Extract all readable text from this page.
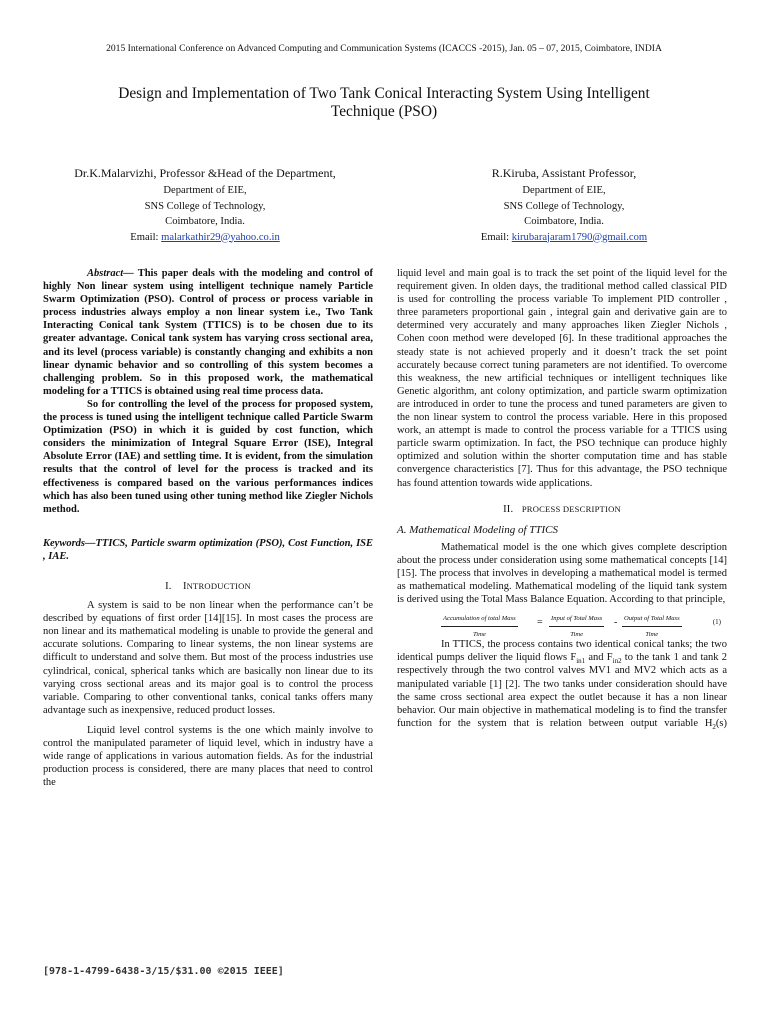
2015 International Conference on Advanced Computing and Communication Systems (ICACCS -2015), Jan. 05 – 07, 2015, Coimbatore, INDIA
Design and Implementation of Two Tank Conical Interacting System Using Intelligent
Technique (PSO)
Dr.K.Malarvizhi, Professor &Head of the Department,
Department of EIE,
SNS College of Technology,
Coimbatore, India.
Email: malarkathir29@yahoo.co.in
R.Kiruba, Assistant Professor,
Department of EIE,
SNS College of Technology,
Coimbatore, India.
Email: kirubarajaram1790@gmail.com

Abstract— This paper deals with the modeling and control of highly Non linear system using intelligent technique namely Particle Swarm Optimization (PSO). Control of process or process variable in process industries always employ a non linear system i.e., Two Tank Interacting Conical tank System (TTICS) is to be chosen due to its greater advantage. Conical tank system has varying cross sectional area, and its level (process variable) is constantly changing and exhibits a non linear dynamic behavior and so controlling of this system becomes a challenging problem. So in this proposed work, the mathematical modeling for a TTICS is obtained using real time process data.

So for controlling the level of the process for proposed system, the process is tuned using the intelligent technique called Particle Swarm Optimization (PSO) in which it is guided by cost function, which considers the minimization of Integral Square Error (ISE), Integral Absolute Error (IAE) and settling time. It is evident, from the simulation results that the control of level for the process is tracked and its effectiveness is compared based on the various performances indices which has also been tuned using other tuning method like Ziegler Nichols method.

Keywords—TTICS, Particle swarm optimization (PSO), Cost Function, ISE , IAE.

I. INTRODUCTION

A system is said to be non linear when the performance can’t be described by equations of first order [14][15]. In most cases the process are non linear and its mathematical modeling is unable to provide the general and accurate solutions. Comparing to linear systems, the non linear systems are difficult to understand and solve them. But most of the process industries use cylindrical, conical, spherical tanks which are basically non linear due to its varying cross sectional areas and its major goal is to control the process variable. Comparing to other conventional tanks, conical tanks offers many advantage such as inexpensive, reduced product losses.

Liquid level control systems is the one which mainly involve to control the manipulated parameter of liquid level, which in industry have a wide range of applications in various automation fields. As for the industrial production process is considered, there are many places that need to control the

liquid level and main goal is to track the set point of the liquid level for the requirement given. In olden days, the traditional method called classical PID is used for controlling the process variable To implement PID controller , three parameters proportional gain , integral gain and derivative gain are to determined very accurately and many approaches liken Ziegler Nichols , Cohen coon method were developed [6]. In these traditional approaches the steady state is not achieved properly and it doesn’t track the set point accurately because correct tuning parameters are not identified. To overcome this weakness, the new artificial techniques or intelligent techniques like Genetic algorithm, ant colony optimization, and particle swarm optimization are introduced in order to tune the process and tuned parameters are given to the non linear system to control the process variable. Here in this proposed work, an attempt is made to control the process variable for a TTICS using particle swarm optimization. In fact, the PSO technique can produce highly optimized and solution within the shorter computation time and has stable convergence characteristics [7]. Thus for this advantage, the PSO technique has found attention towards wide applications.

II. PROCESS DESCRIPTION
A. Mathematical Modeling of TTICS

Mathematical model is the one which gives complete description about the process under consideration using some mathematical concepts [14] [15]. The process that involves in developing a mathematical model is termed as mathematical modeling. Mathematical modeling of the liquid tank system is derived using the Total Mass Balance Equation. According to that principle,

Accumulation of total Mass
Time
=	Input of Total Mass
Time
-	Output of Total Mass
Time
(1)

In TTICS, the process contains two identical conical tanks; the two identical pumps deliver the liquid flows $F_{in1}$ and $F_{in2}$ to the tank 1 and tank 2 respectively through the two control valves MV1 and MV2 which acts as a manipulated variable [1] [2]. The two tanks under consideration should have the same cross sectional area expect the outlet because it has a non linear behavior. Our main objective in mathematical modeling is to find the transfer function for the system that is relation between output variable $H_2(s)$

[978-1-4799-6438-3/15/$31.00 ©2015 IEEE]
